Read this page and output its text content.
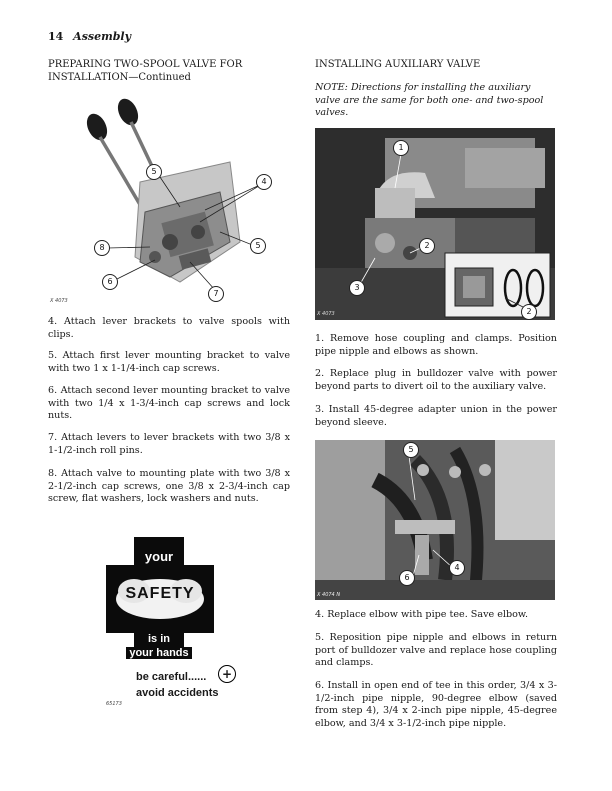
14 Assembly
PREPARING TWO-SPOOL VALVE FOR
INSTALLATION—Continued
5
4
8	5
6
7
X 4073
4. Attach lever brackets to valve spools with clips.
5. Attach first lever mounting bracket to valve with two 1 x 1-1/4-inch cap screws.
6. Attach second lever mounting bracket to valve with two 1/4 x 1-3/4-inch cap screws and lock nuts.
7. Attach levers to lever brackets with two 3/8 x 1-1/2-inch roll pins.
8. Attach valve to mounting plate with two 3/8 x 2-1/2-inch cap screws, one 3/8 x 2-3/4-inch cap screw, flat washers, lock washers and nuts.
your
SAFETY
is in
your hands
be careful......
avoid accidents
+
65173
INSTALLING AUXILIARY VALVE
NOTE: Directions for installing the auxiliary valve are the same for both one- and two-spool valves.
1
2
3
2
X 4073
1. Remove hose coupling and clamps. Position pipe nipple and elbows as shown.
2. Replace plug in bulldozer valve with power beyond parts to divert oil to the auxiliary valve.
3. Install 45-degree adapter union in the power beyond sleeve.
5
4
6
X 4074 N
4. Replace elbow with pipe tee. Save elbow.
5. Reposition pipe nipple and elbows in return port of bulldozer valve and replace hose coupling and clamps.
6. Install in open end of tee in this order, 3/4 x 3-1/2-inch pipe nipple, 90-degree elbow (saved from step 4), 3/4 x 2-inch pipe nipple, 45-degree elbow, and 3/4 x 3-1/2-inch pipe nipple.
